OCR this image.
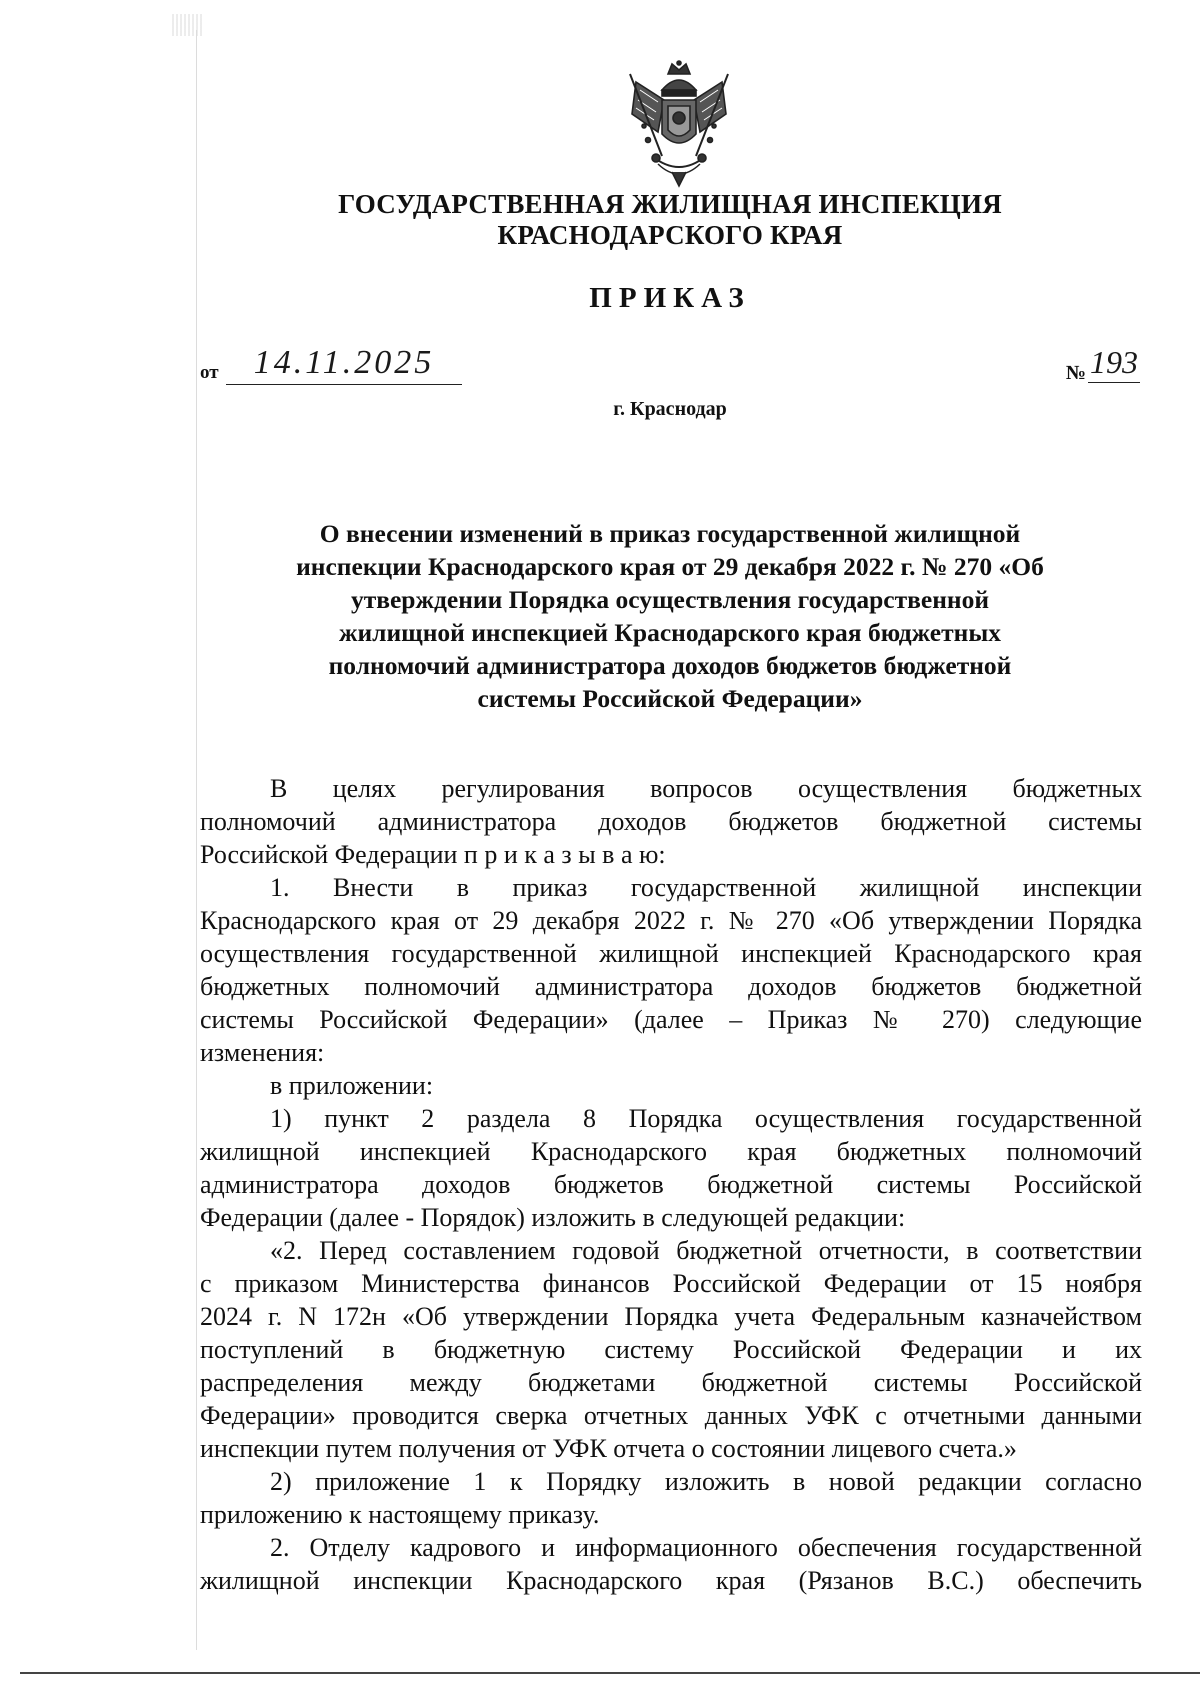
ГОСУДАРСТВЕННАЯ ЖИЛИЩНАЯ ИНСПЕКЦИЯ
КРАСНОДАРСКОГО КРАЯ
ПРИКАЗ
от	14.11.2025	№ 193
г. Краснодар
О внесении изменений в приказ государственной жилищной
инспекции Краснодарского края от 29 декабря 2022 г. № 270 «Об
утверждении Порядка осуществления государственной
жилищной инспекцией Краснодарского края бюджетных
полномочий администратора доходов бюджетов бюджетной
системы Российской Федерации»
В целях регулирования вопросов осуществления бюджетных
полномочий администратора доходов бюджетов бюджетной системы
Российской Федерации п р и к а з ы в а ю:
1. Внести в приказ государственной жилищной инспекции
Краснодарского края от 29 декабря 2022 г. № 270 «Об утверждении Порядка
осуществления государственной жилищной инспекцией Краснодарского края
бюджетных полномочий администратора доходов бюджетов бюджетной
системы Российской Федерации» (далее – Приказ № 270) следующие
изменения:
в приложении:
1) пункт 2 раздела 8 Порядка осуществления государственной
жилищной инспекцией Краснодарского края бюджетных полномочий
администратора доходов бюджетов бюджетной системы Российской
Федерации (далее - Порядок) изложить в следующей редакции:
«2. Перед составлением годовой бюджетной отчетности, в соответствии
с приказом Министерства финансов Российской Федерации от 15 ноября
2024 г. N 172н «Об утверждении Порядка учета Федеральным казначейством
поступлений в бюджетную систему Российской Федерации и их
распределения между бюджетами бюджетной системы Российской
Федерации» проводится сверка отчетных данных УФК с отчетными данными
инспекции путем получения от УФК отчета о состоянии лицевого счета.»
2) приложение 1 к Порядку изложить в новой редакции согласно
приложению к настоящему приказу.
2. Отделу кадрового и информационного обеспечения государственной
жилищной инспекции Краснодарского края (Рязанов В.С.) обеспечить
